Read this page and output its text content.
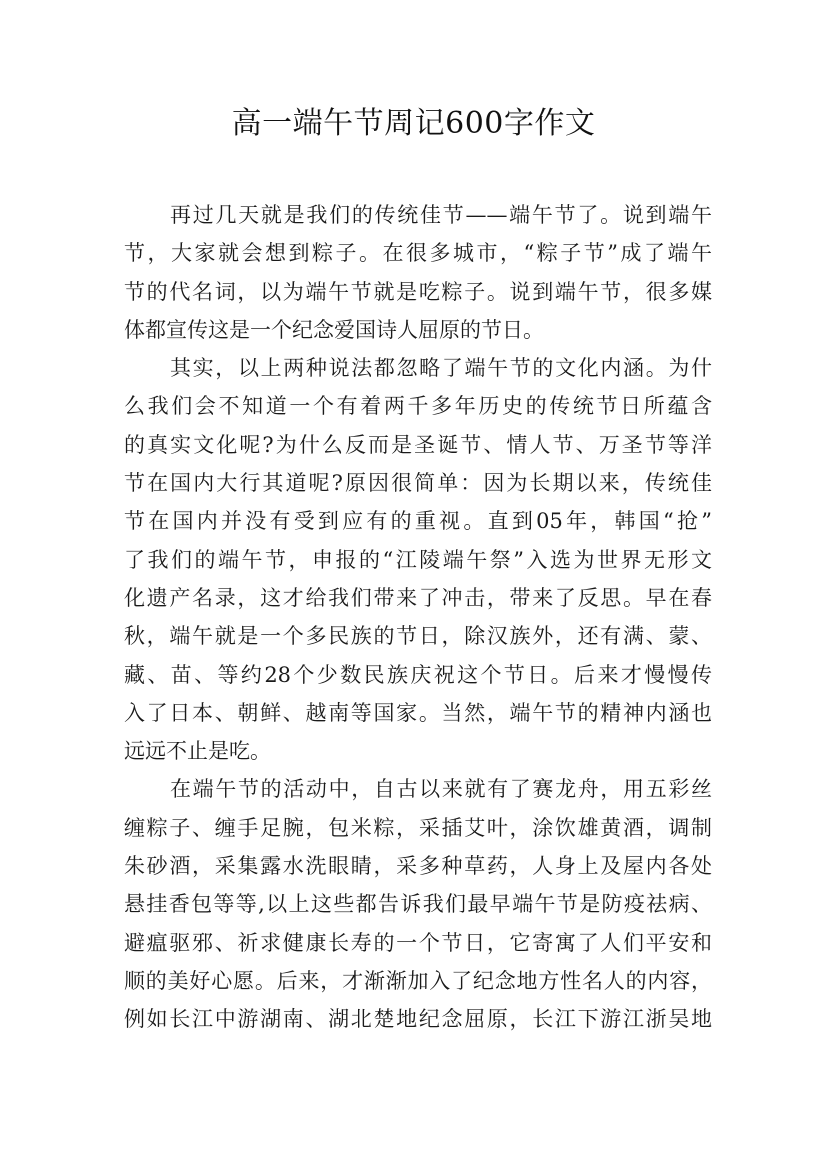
高一端午节周记600字作文
再过几天就是我们的传统佳节——端午节了。说到端午
节，大家就会想到粽子。在很多城市，“粽子节”成了端午
节的代名词，以为端午节就是吃粽子。说到端午节，很多媒
体都宣传这是一个纪念爱国诗人屈原的节日。
其实，以上两种说法都忽略了端午节的文化内涵。为什
么我们会不知道一个有着两千多年历史的传统节日所蕴含
的真实文化呢?为什么反而是圣诞节、情人节、万圣节等洋
节在国内大行其道呢?原因很简单：因为长期以来，传统佳
节在国内并没有受到应有的重视。直到05年，韩国“抢”
了我们的端午节，申报的“江陵端午祭”入选为世界无形文
化遗产名录，这才给我们带来了冲击，带来了反思。早在春
秋，端午就是一个多民族的节日，除汉族外，还有满、蒙、
藏、苗、等约28个少数民族庆祝这个节日。后来才慢慢传
入了日本、朝鲜、越南等国家。当然，端午节的精神内涵也
远远不止是吃。
在端午节的活动中，自古以来就有了赛龙舟，用五彩丝
缠粽子、缠手足腕，包米粽，采插艾叶，涂饮雄黄酒，调制
朱砂酒，采集露水洗眼睛，采多种草药，人身上及屋内各处
悬挂香包等等,以上这些都告诉我们最早端午节是防疫祛病、
避瘟驱邪、祈求健康长寿的一个节日，它寄寓了人们平安和
顺的美好心愿。后来，才渐渐加入了纪念地方性名人的内容，
例如长江中游湖南、湖北楚地纪念屈原，长江下游江浙吴地
